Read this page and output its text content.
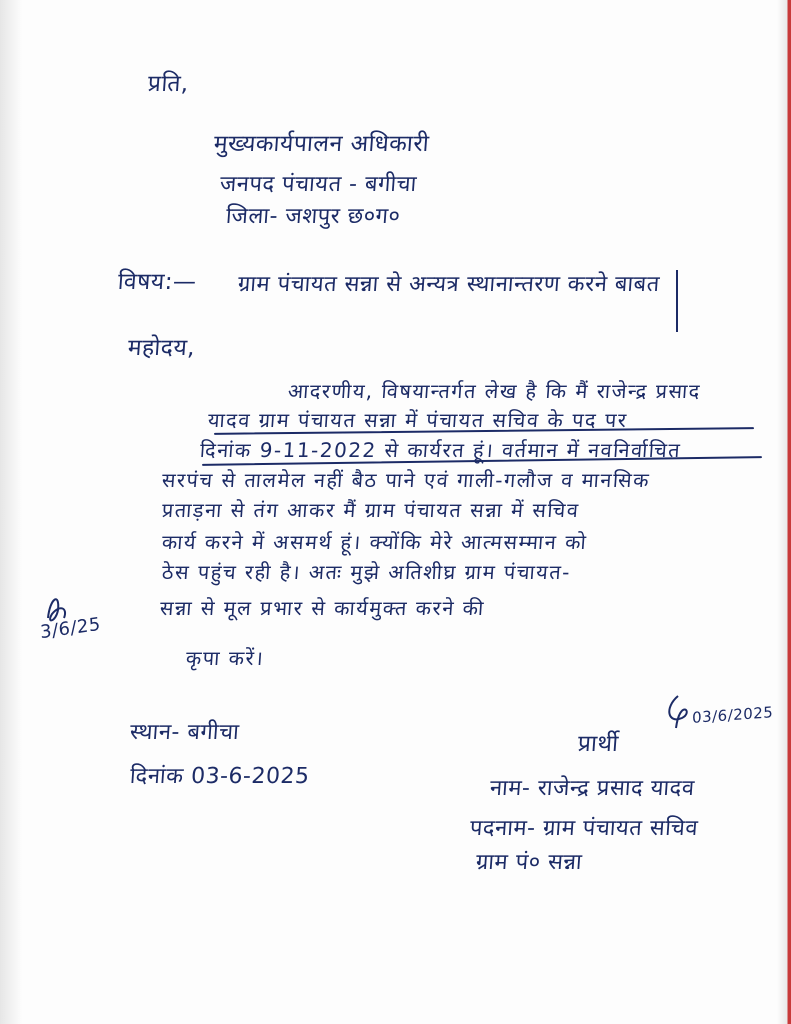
प्रति,
मुख्यकार्यपालन अधिकारी
जनपद पंचायत - बगीचा
जिला- जशपुर छ०ग०
विषय:— ग्राम पंचायत सन्ना से अन्यत्र स्थानान्तरण करने बाबत
महोदय,
आदरणीय, विषयान्तर्गत लेख है कि मैं राजेन्द्र प्रसाद
यादव ग्राम पंचायत सन्ना में पंचायत सचिव के पद पर
दिनांक 9-11-2022 से कार्यरत हूं। वर्तमान में नवनिर्वाचित
सरपंच से तालमेल नहीं बैठ पाने एवं गाली-गलौज व मानसिक
प्रताड़ना से तंग आकर मैं ग्राम पंचायत सन्ना में सचिव
कार्य करने में असमर्थ हूं। क्योंकि मेरे आत्मसम्मान को
ठेस पहुंच रही है। अतः मुझे अतिशीघ्र ग्राम पंचायत-
सन्ना से मूल प्रभार से कार्यमुक्त करने की
कृपा करें।
3/6/25
स्थान- बगीचा
दिनांक 03-6-2025
प्रार्थी
03/6/2025
नाम- राजेन्द्र प्रसाद यादव
पदनाम- ग्राम पंचायत सचिव
ग्राम पं० सन्ना
